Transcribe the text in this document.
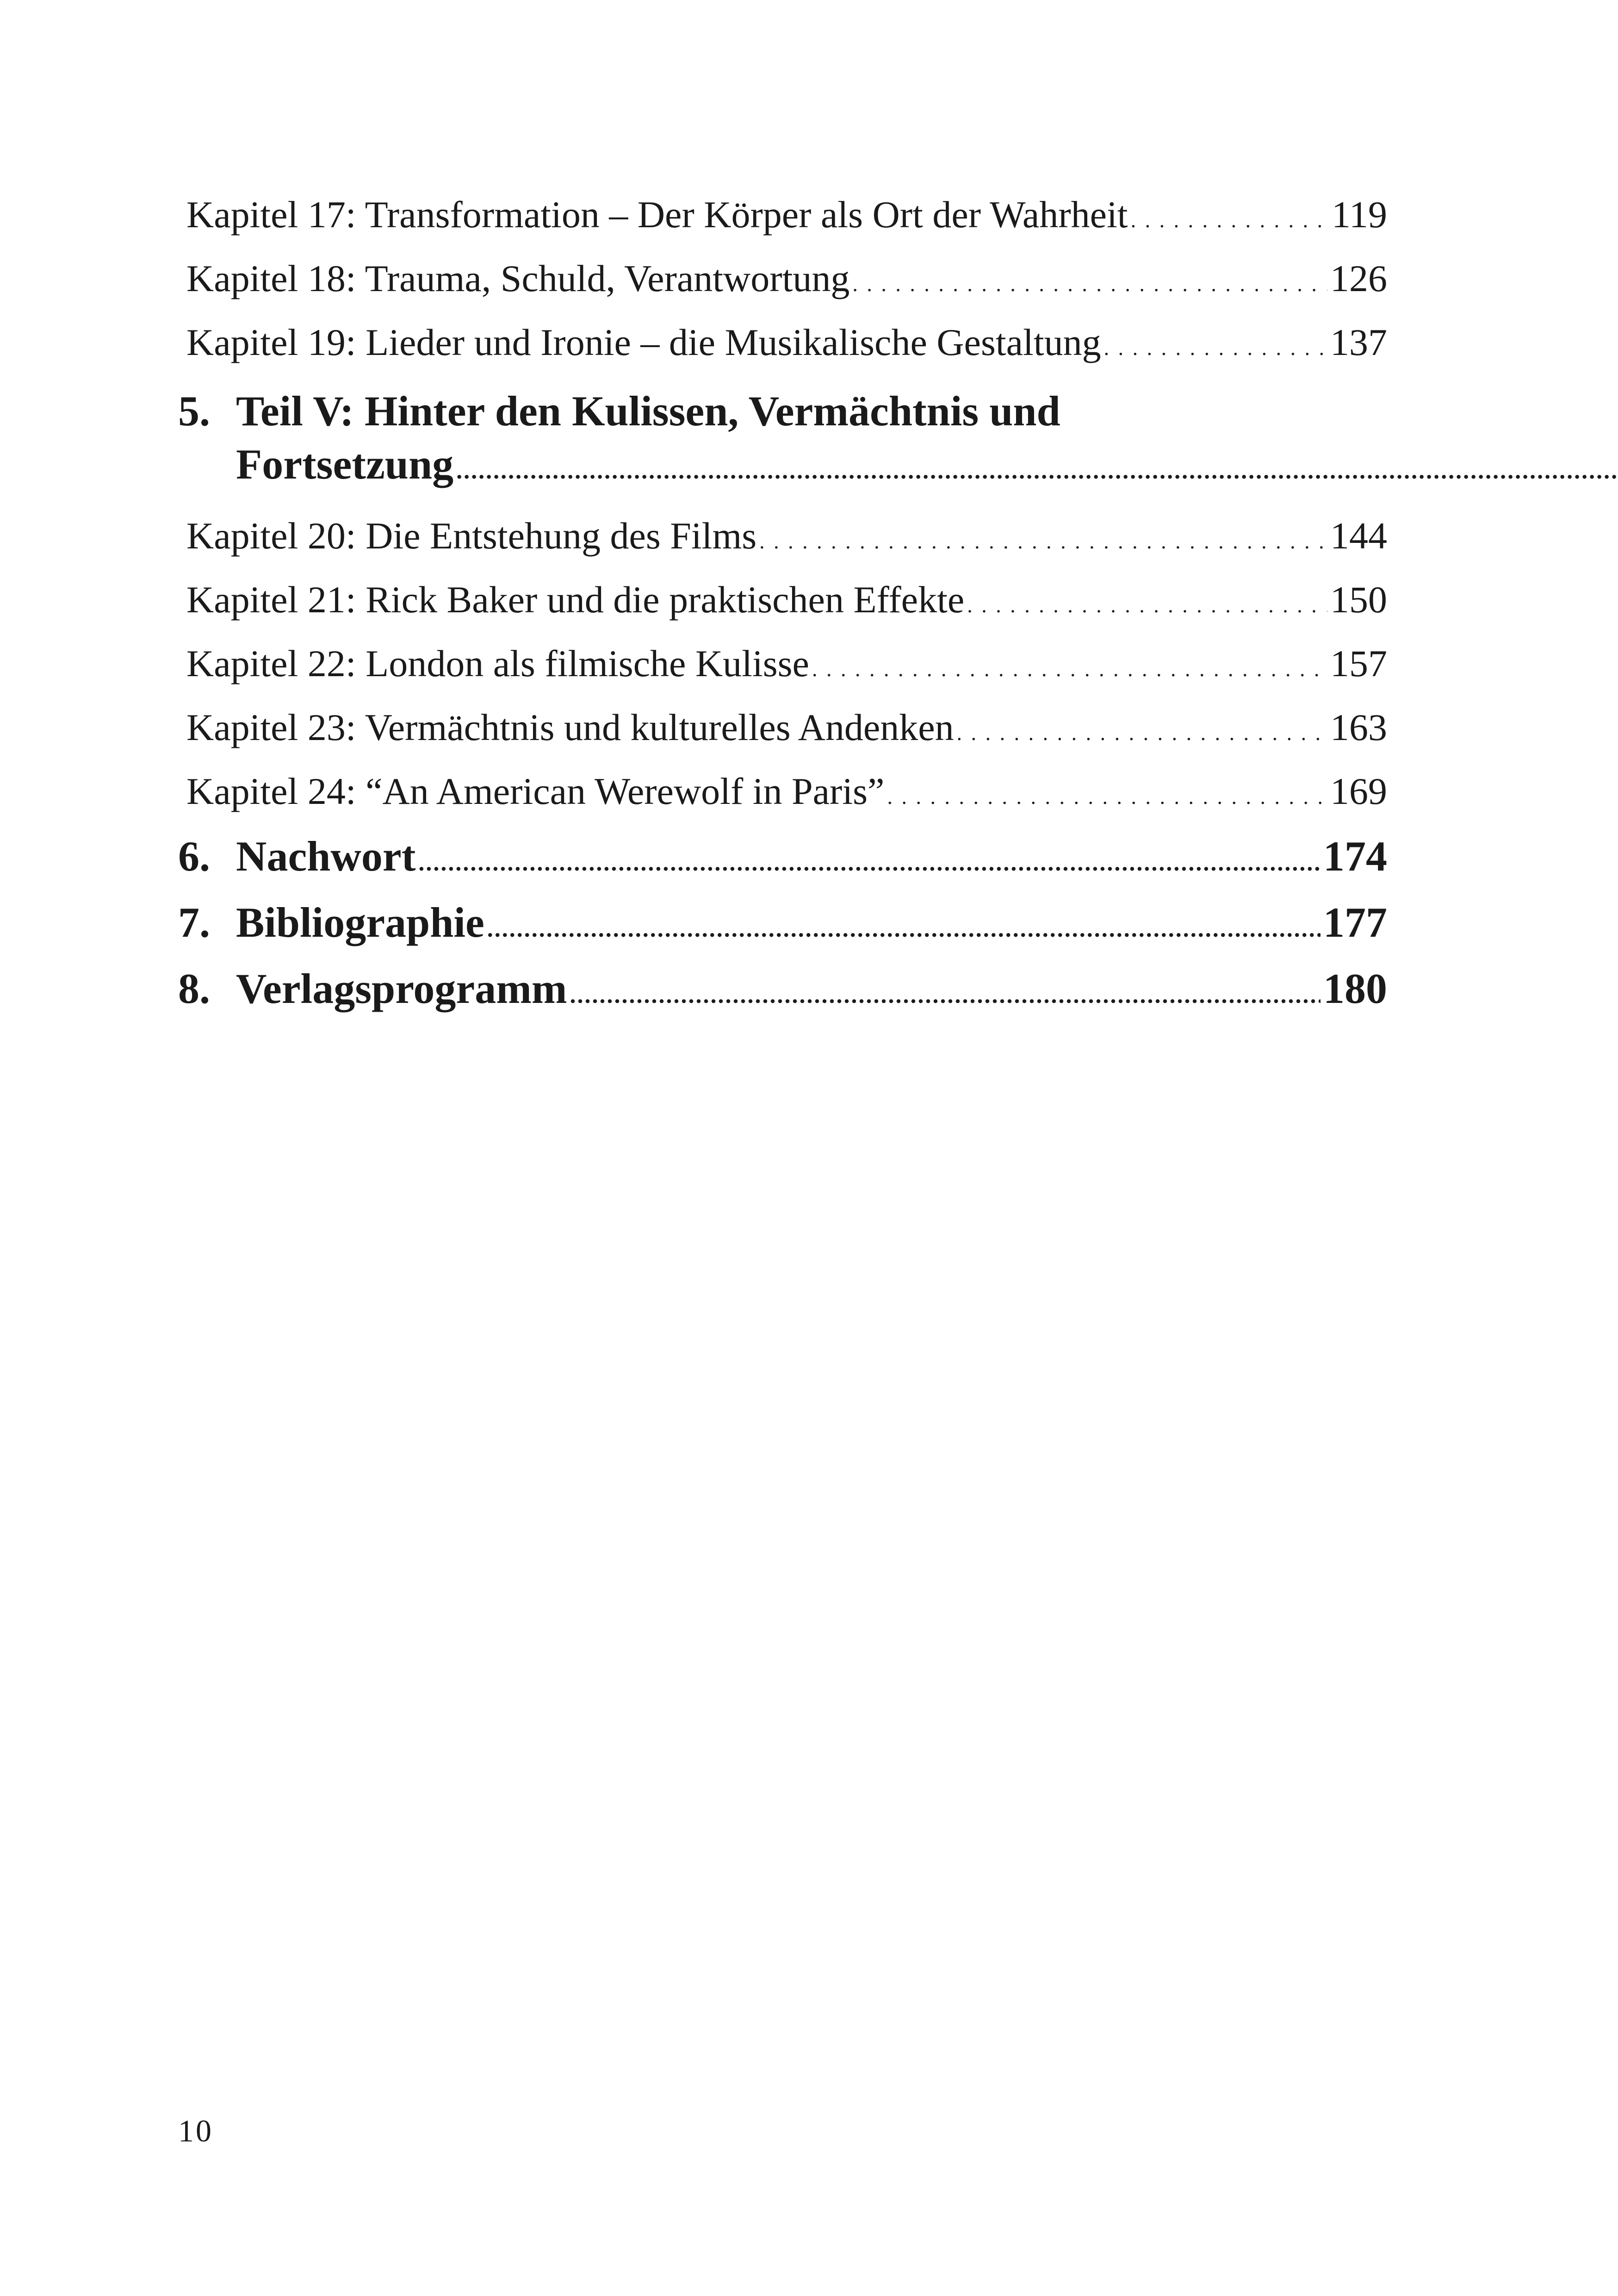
Kapitel 17: Transformation – Der Körper als Ort der Wahrheit . . .	119
Kapitel 18: Trauma, Schuld, Verantwortung . . .	126
Kapitel 19: Lieder und Ironie – die Musikalische Gestaltung . . .	137
5. Teil V: Hinter den Kulissen, Vermächtnis und
Fortsetzung
.....
Kapitel 20: Die Entstehung des Films . . .	144
Kapitel 21: Rick Baker und die praktischen Effekte . . .	150
Kapitel 22: London als filmische Kulisse . . .	157
Kapitel 23: Vermächtnis und kulturelles Andenken . . .	163
Kapitel 24: “An American Werewolf in Paris” . . .	169
6. Nachwort .....	174
7. Bibliographie .....	177
8. Verlagsprogramm .....	180
10
